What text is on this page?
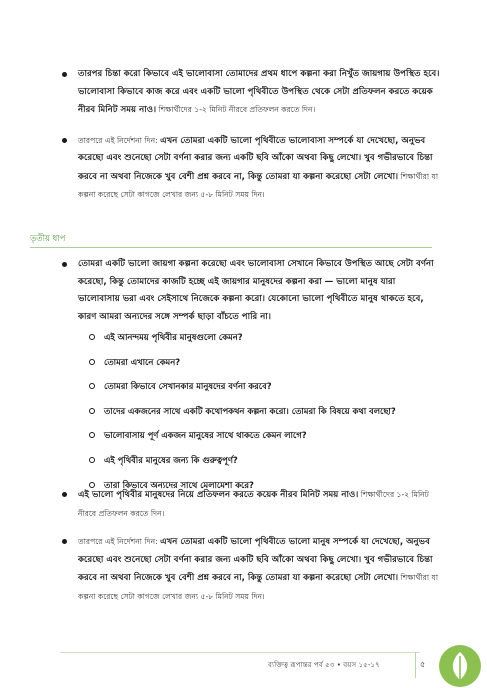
তারপর চিন্তা করো কিভাবে এই ভালোবাসা তোমাদের প্রথম ধাপে কল্পনা করা নিখুঁত জায়গায় উপস্থিত হবে। ভালোবাসা কিভাবে কাজ করে এবং একটি ভালো পৃথিবীতে উপস্থিত থেকে সেটা প্রতিফলন করতে কয়েক নীরব মিনিট সময় নাও। শিক্ষার্থীদের ১-২ মিনিট নীরবে প্রতিফলন করতে দিন।
তারপরে এই নির্দেশনা দিন: এখন তোমরা একটি ভালো পৃথিবীতে ভালোবাসা সম্পর্কে যা দেখেছো, অনুভব করেছো এবং শুনেছো সেটা বর্ণনা করার জন্য একটি ছবি আঁকো অথবা কিছু লেখো। খুব গভীরভাবে চিন্তা করবে না অথবা নিজেকে খুব বেশী প্রশ্ন করবে না, কিন্তু তোমরা যা কল্পনা করেছো সেটা লেখো। শিক্ষার্থীরা যা কল্পনা করেছে সেটা কাগজে লেখার জন্য ৫-৮ মিনিট সময় দিন।
তৃতীয় ধাপ
তোমরা একটি ভালো জায়গা কল্পনা করেছো এবং ভালোবাসা সেখানে কিভাবে উপস্থিত আছে সেটা বর্ণনা করেছো, কিন্তু তোমাদের কাজটি হচ্ছে এই জায়গার মানুষদের কল্পনা করা — ভালো মানুষ যারা ভালোবাসায় ভরা এবং সেইসাথে নিজেকে কল্পনা করো। যেকোনো ভালো পৃথিবীতে মানুষ থাকতে হবে, কারণ আমরা অন্যদের সঙ্গে সম্পর্ক ছাড়া বাঁচতে পারি না।
এই আনন্দময় পৃথিবীর মানুষগুলো কেমন?
তোমরা এখানে কেমন?
তোমরা কিভাবে সেখানকার মানুষদের বর্ণনা করবে?
তাদের একজনের সাথে একটি কথোপকথন কল্পনা করো। তোমরা কি বিষয়ে কথা বলছো?
ভালোবাসায় পূর্ণ একজন মানুষের সাথে থাকতে কেমন লাগে?
এই পৃথিবীর মানুষের জন্য কি গুরুত্বপূর্ণ?
তারা কিভাবে অন্যদের সাথে মেলামেশা করে?
এই ভালো পৃথিবীর মানুষদের নিয়ে প্রতিফলন করতে কয়েক নীরব মিনিট সময় নাও। শিক্ষার্থীদের ১-২ মিনিট নীরবে প্রতিফলন করতে দিন।
তারপরে এই নির্দেশনা দিন: এখন তোমরা একটি ভালো পৃথিবীতে ভালো মানুষ সম্পর্কে যা দেখেছো, অনুভব করেছো এবং শুনেছো সেটা বর্ণনা করার জন্য একটি ছবি আঁকো অথবা কিছু লেখো। খুব গভীরভাবে চিন্তা করবে না অথবা নিজেকে খুব বেশী প্রশ্ন করবে না, কিন্তু তোমরা যা কল্পনা করেছো সেটা লেখো। শিক্ষার্থীরা যা কল্পনা করেছে সেটা কাগজে লেখার জন্য ৫-৮ মিনিট সময় দিন।
ব্যক্তিত্ব রূপান্তর পর্ব ৫৩ • বয়স ১৫-১৭	৫
